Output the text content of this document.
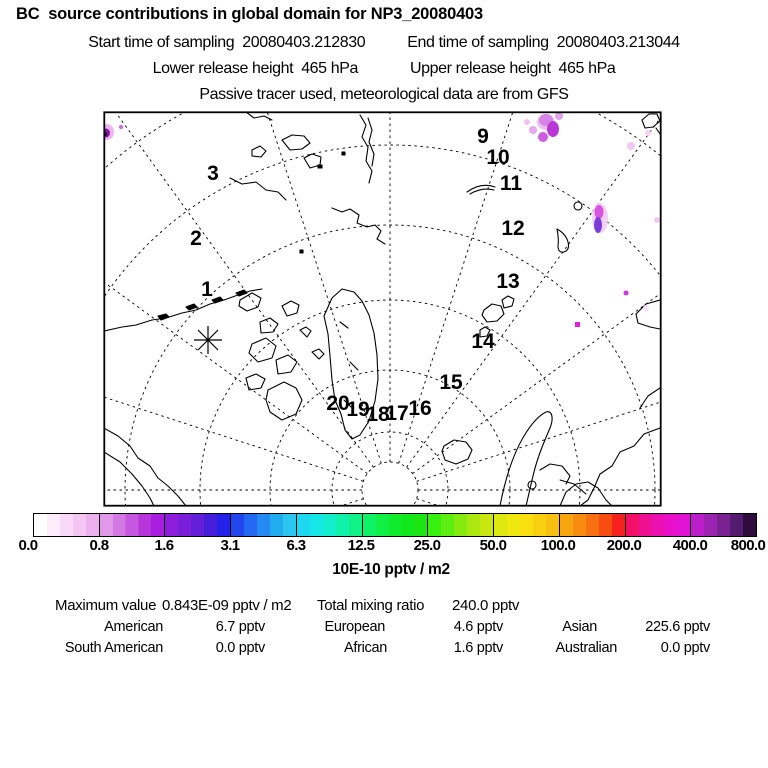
BC  source contributions in global domain for NP3_20080403
Start time of sampling 20080403.212830	End time of sampling 20080403.213044
Lower release height 465 hPa	Upper release height 465 hPa
Passive tracer used, meteorological data are from GFS
1
2
3
9
10
11
12
13
14
15
16
17
18
19
20
0.0	0.8	1.6	3.1	6.3	12.5	25.0	50.0 100.0 200.0 400.0 800.0
10E-10 pptv / m2
Maximum value 0.843E-09 pptv / m2 Total mixing ratio 240.0 pptv
American	6.7 pptv	European	4.6 pptv	Asian	225.6 pptv
South American	0.0 pptv	African	1.6 pptv	Australian	0.0 pptv
